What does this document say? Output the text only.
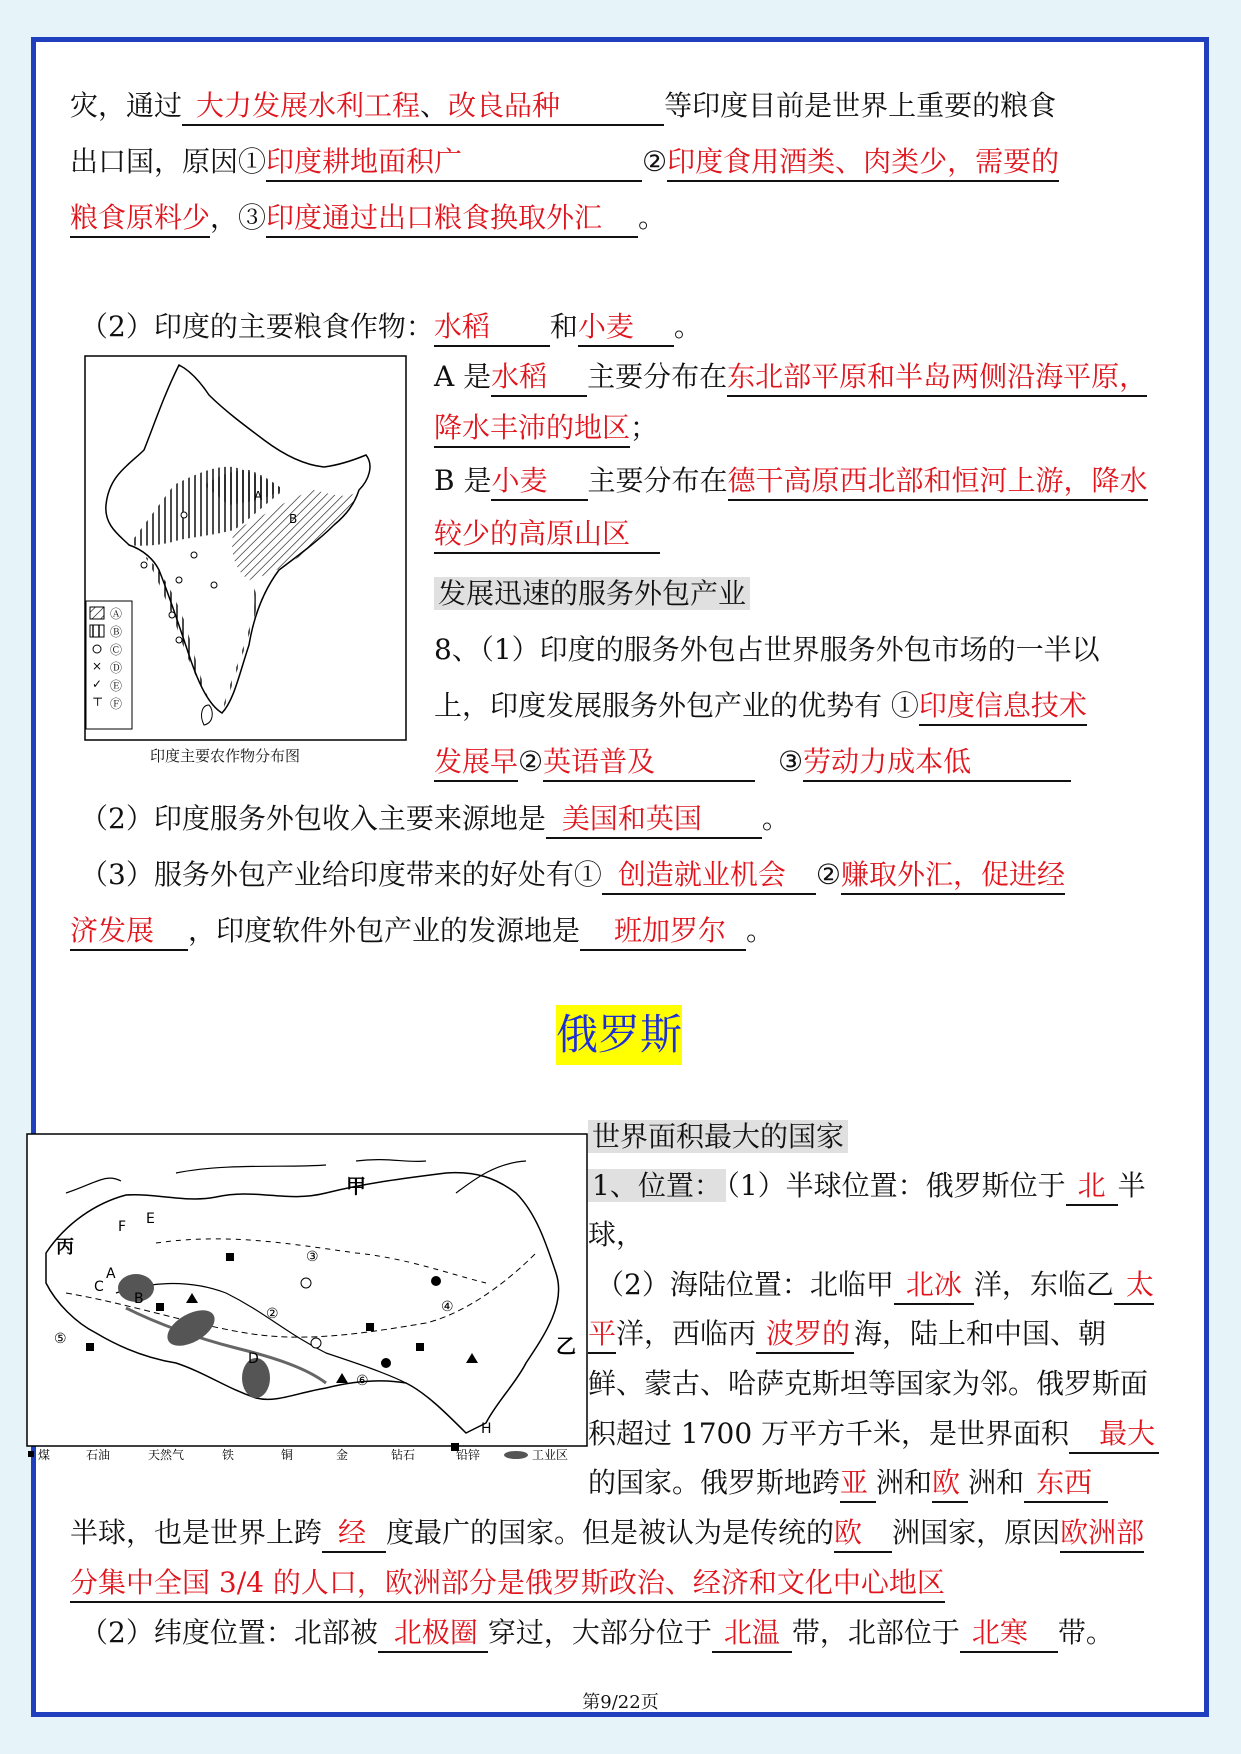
灾，通过 大力发展水利工程、改良品种	等印度目前是世界上重要的粮食
出口国，原因①印度耕地面积广	②印度食用酒类、肉类少，需要的
粮食原料少，③印度通过出口粮食换取外汇 。
（2）印度的主要粮食作物：水稻 和小麦 。
A
B
×
✓
⊤
Ⓐ
Ⓑ
Ⓒ
Ⓓ
Ⓔ
Ⓕ
印度主要农作物分布图
A 是水稻 主要分布在东北部平原和半岛两侧沿海平原，
降水丰沛的地区；
B 是小麦 主要分布在德干高原西北部和恒河上游，降水
较少的高原山区
发展迅速的服务外包产业
8、（1）印度的服务外包占世界服务外包市场的一半以
上，印度发展服务外包产业的优势有 ①印度信息技术
发展早②英语普及	③劳动力成本低
（2）印度服务外包收入主要来源地是 美国和英国 。
（3）服务外包产业给印度带来的好处有① 创造就业机会 ②赚取外汇，促进经
济发展 ，印度软件外包产业的发源地是 班加罗尔 。
俄罗斯
甲
乙
丙
A
B
C
D
E
F
H
②
③
④
⑤
⑥
煤	石油	天然气	铁	铜	金	钻石	铅锌	工业区
世界面积最大的国家
1、位置： （1）半球位置：俄罗斯位于 北 半
球，
（2）海陆位置：北临甲 北冰 洋，东临乙 太
平洋，西临丙 波罗的 海，陆上和中国、朝
鲜、蒙古、哈萨克斯坦等国家为邻。俄罗斯面
积超过 1700 万平方千米，是世界面积 最大
的国家。俄罗斯地跨亚 洲和欧 洲和 东西
半球，也是世界上跨 经 度最广的国家。但是被认为是传统的欧 洲国家，原因欧洲部
分集中全国 3/4 的人口，欧洲部分是俄罗斯政治、经济和文化中心地区
（2）纬度位置：北部被 北极圈 穿过，大部分位于 北温 带，北部位于 北寒 带。
第9/22页
